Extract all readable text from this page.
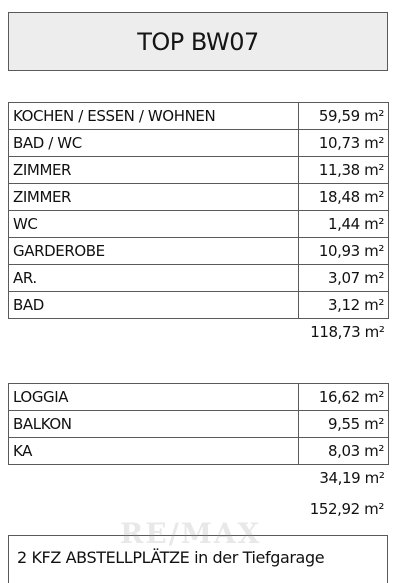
TOP BW07
KOCHEN / ESSEN / WOHNEN	59,59 m²
BAD / WC	10,73 m²
ZIMMER	11,38 m²
ZIMMER	18,48 m²
WC	1,44 m²
GARDEROBE	10,93 m²
AR.	3,07 m²
BAD	3,12 m²
	118,73 m²
LOGGIA	16,62 m²
BALKON	9,55 m²
KA	8,03 m²
	34,19 m²
152,92 m²
2 KFZ ABSTELLPLÄTZE in der Tiefgarage
RE/MAX
